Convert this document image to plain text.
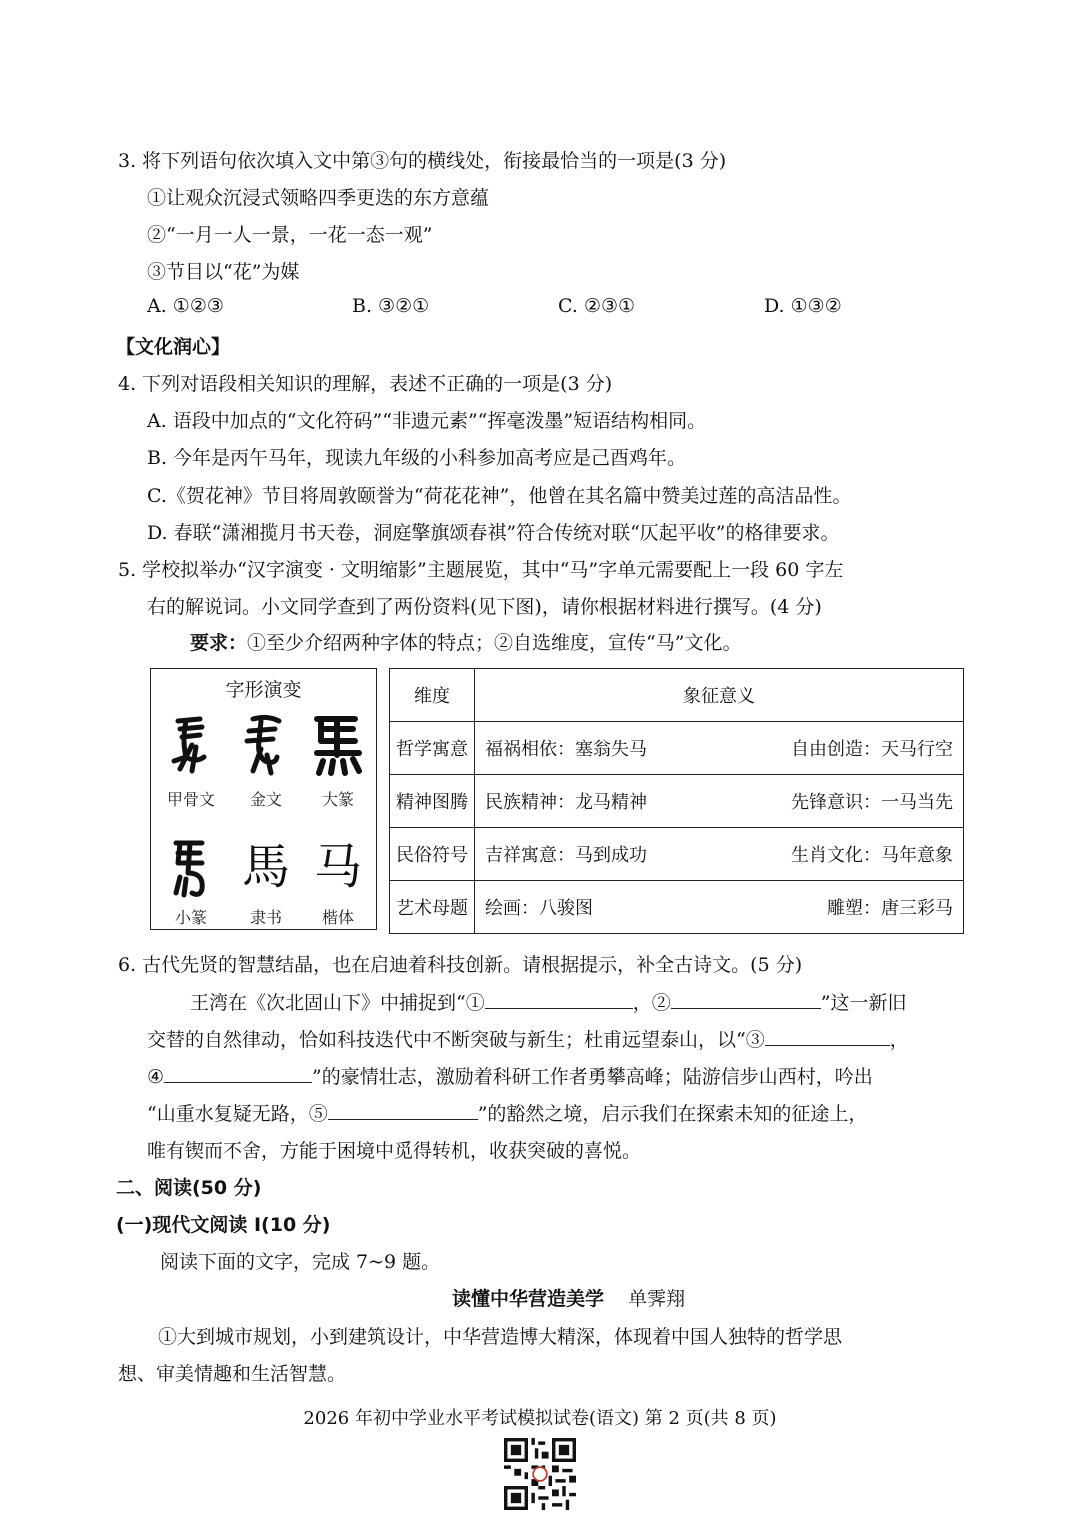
3. 将下列语句依次填入文中第③句的横线处，衔接最恰当的一项是(3 分)
①让观众沉浸式领略四季更迭的东方意蕴
②“一月一人一景，一花一态一观”
③节目以“花”为媒
A. ①②③	B. ③②①	C. ②③①	D. ①③②
【文化润心】
4. 下列对语段相关知识的理解，表述不正确的一项是(3 分)
A. 语段中加点的“文化符码”“非遗元素”“挥毫泼墨”短语结构相同。
B. 今年是丙午马年，现读九年级的小科参加高考应是己酉鸡年。
C.《贺花神》节目将周敦颐誉为“荷花花神”，他曾在其名篇中赞美过莲的高洁品性。
D. 春联“潇湘揽月书天卷，洞庭擎旗颂春祺”符合传统对联“仄起平收”的格律要求。
5. 学校拟举办“汉字演变 · 文明缩影”主题展览，其中“马”字单元需要配上一段 60 字左
右的解说词。小文同学查到了两份资料(见下图)，请你根据材料进行撰写。(4 分)
要求：①至少介绍两种字体的特点；②自选维度，宣传“马”文化。
字形演变
甲骨文	金文	大篆
馬 马
小篆	隶书	楷体
维度	象征意义
哲学寓意	福祸相依：塞翁失马 自由创造：天马行空

精神图腾	民族精神：龙马精神 先锋意识：一马当先

民俗符号	吉祥寓意：马到成功 生肖文化：马年意象

艺术母题	绘画：八骏图 雕塑：唐三彩马
6. 古代先贤的智慧结晶，也在启迪着科技创新。请根据提示，补全古诗文。(5 分)
王湾在《次北固山下》中捕捉到“①	，②	”这一新旧
交替的自然律动，恰如科技迭代中不断突破与新生；杜甫远望泰山，以“③	，
④	”的豪情壮志，激励着科研工作者勇攀高峰；陆游信步山西村，吟出
“山重水复疑无路，⑤	”的豁然之境，启示我们在探索未知的征途上，
唯有锲而不舍，方能于困境中觅得转机，收获突破的喜悦。
二、阅读(50 分)
(一)现代文阅读 Ⅰ(10 分)
阅读下面的文字，完成 7~9 题。
读懂中华营造美学 单霁翔
①大到城市规划，小到建筑设计，中华营造博大精深，体现着中国人独特的哲学思
想、审美情趣和生活智慧。
2026 年初中学业水平考试模拟试卷(语文) 第 2 页(共 8 页)
